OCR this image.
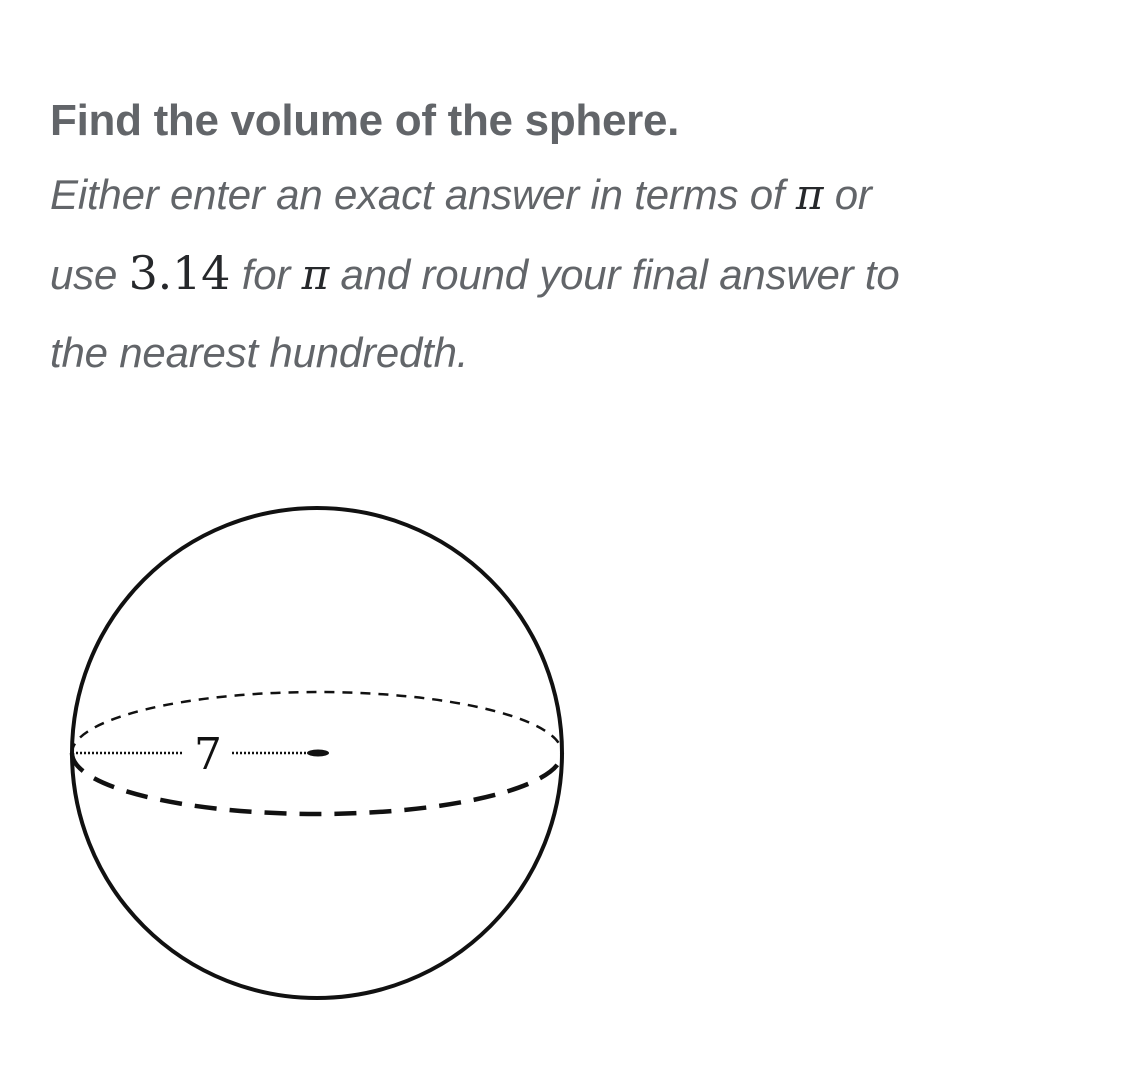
Find the volume of the sphere.

Either enter an exact answer in terms of π or
use 3.14 for π and round your final answer to
the nearest hundredth.

7
